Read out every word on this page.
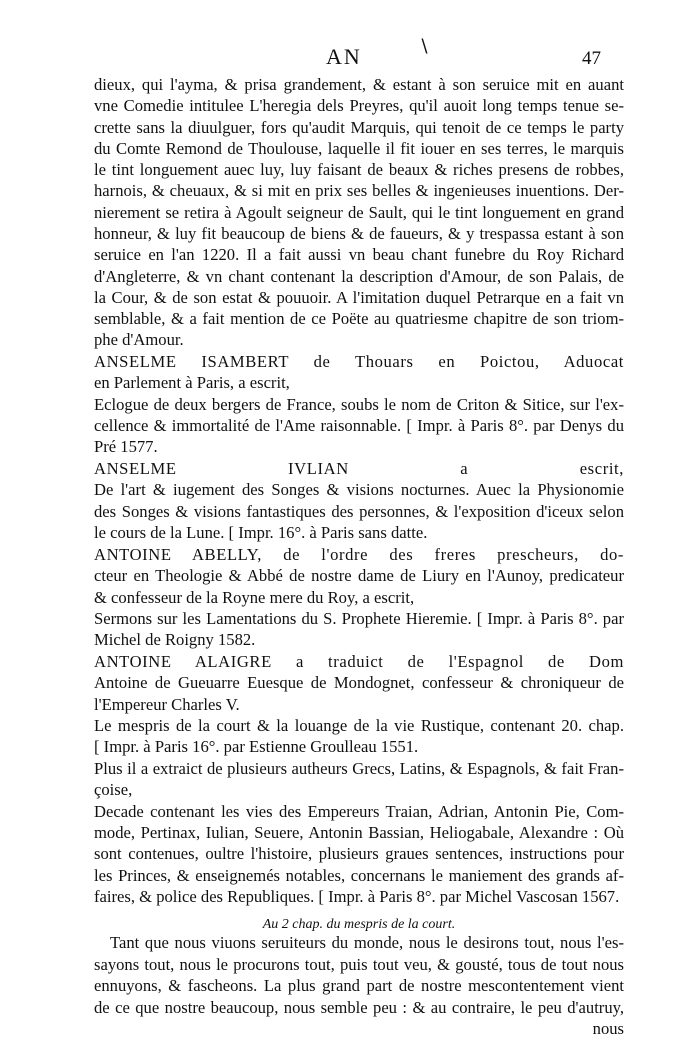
AN	∖
47
dieux, qui l'ayma, & prisa grandement, & estant à son seruice mit en auant
vne Comedie intitulee L'heregia dels Preyres, qu'il auoit long temps tenue se-
crette sans la diuulguer, fors qu'audit Marquis, qui tenoit de ce temps le party
du Comte Remond de Thoulouse, laquelle il fit iouer en ses terres, le marquis
le tint longuement auec luy, luy faisant de beaux & riches presens de robbes,
harnois, & cheuaux, & si mit en prix ses belles & ingenieuses inuentions. Der-
nierement se retira à Agoult seigneur de Sault, qui le tint longuement en grand
honneur, & luy fit beaucoup de biens & de faueurs, & y trespassa estant à son
seruice en l'an 1220. Il a fait aussi vn beau chant funebre du Roy Richard
d'Angleterre, & vn chant contenant la description d'Amour, de son Palais, de
la Cour, & de son estat & pouuoir. A l'imitation duquel Petrarque en a fait vn
semblable, & a fait mention de ce Poëte au quatriesme chapitre de son triom-
phe d'Amour.
ANSELME ISAMBERT de Thouars en Poictou, Aduocat
en Parlement à Paris, a escrit,
Eclogue de deux bergers de France, soubs le nom de Criton & Sitice, sur l'ex-
cellence & immortalité de l'Ame raisonnable. [ Impr. à Paris 8°. par Denys du
Pré 1577.
ANSELME IVLIAN a escrit,
De l'art & iugement des Songes & visions nocturnes. Auec la Physionomie
des Songes & visions fantastiques des personnes, & l'exposition d'iceux selon
le cours de la Lune. [ Impr. 16°. à Paris sans datte.
ANTOINE ABELLY, de l'ordre des freres prescheurs, do-
cteur en Theologie & Abbé de nostre dame de Liury en l'Aunoy, predicateur
& confesseur de la Royne mere du Roy, a escrit,
Sermons sur les Lamentations du S. Prophete Hieremie. [ Impr. à Paris 8°. par
Michel de Roigny 1582.
ANTOINE ALAIGRE a traduict de l'Espagnol de Dom
Antoine de Gueuarre Euesque de Mondognet, confesseur & chroniqueur de
l'Empereur Charles V.
Le mespris de la court & la louange de la vie Rustique, contenant 20. chap.
[ Impr. à Paris 16°. par Estienne Groulleau 1551.
Plus il a extraict de plusieurs autheurs Grecs, Latins, & Espagnols, & fait Fran-
çoise,
Decade contenant les vies des Empereurs Traian, Adrian, Antonin Pie, Com-
mode, Pertinax, Iulian, Seuere, Antonin Bassian, Heliogabale, Alexandre : Où
sont contenues, oultre l'histoire, plusieurs graues sentences, instructions pour
les Princes, & enseignemés notables, concernans le maniement des grands af-
faires, & police des Republiques. [ Impr. à Paris 8°. par Michel Vascosan 1567.
Au 2 chap. du mespris de la court.
Tant que nous viuons seruiteurs du monde, nous le desirons tout, nous l'es-
sayons tout, nous le procurons tout, puis tout veu, & gousté, tous de tout nous
ennuyons, & fascheons. La plus grand part de nostre mescontentement vient
de ce que nostre beaucoup, nous semble peu : & au contraire, le peu d'autruy,
nous
